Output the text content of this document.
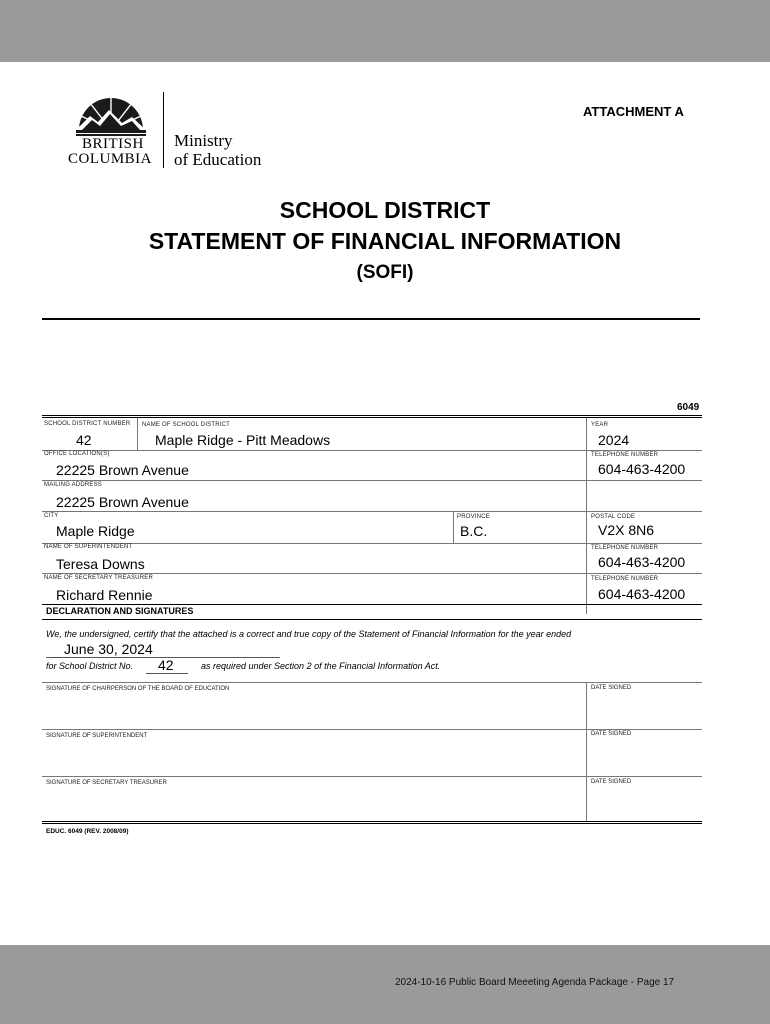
2024-10-16 Public Board Meeeting Agenda Package - Page 17
BRITISH
COLUMBIA
Ministry
of Education
ATTACHMENT A
SCHOOL DISTRICT
STATEMENT OF FINANCIAL INFORMATION
(SOFI)
6049
SCHOOL DISTRICT NUMBER NAME OF SCHOOL DISTRICT	YEAR
42	Maple Ridge - Pitt Meadows	2024
OFFICE LOCATION(S)	TELEPHONE NUMBER
22225 Brown Avenue	604-463-4200
MAILING ADDRESS
22225 Brown Avenue
CITY	PROVINCE	POSTAL CODE
Maple Ridge	B.C.	V2X 8N6
NAME OF SUPERINTENDENT	TELEPHONE NUMBER
Teresa Downs	604-463-4200
NAME OF SECRETARY TREASURER	TELEPHONE NUMBER
Richard Rennie	604-463-4200
DECLARATION AND SIGNATURES
We, the undersigned, certify that the attached is a correct and true copy of the Statement of Financial Information for the year ended
June 30, 2024
for School District No. 42	as required under Section 2 of the Financial Information Act.
SIGNATURE OF CHAIRPERSON OF THE BOARD OF EDUCATION	DATE SIGNED
SIGNATURE OF SUPERINTENDENT	DATE SIGNED
SIGNATURE OF SECRETARY TREASURER	DATE SIGNED
EDUC. 6049 (REV. 2008/09)
